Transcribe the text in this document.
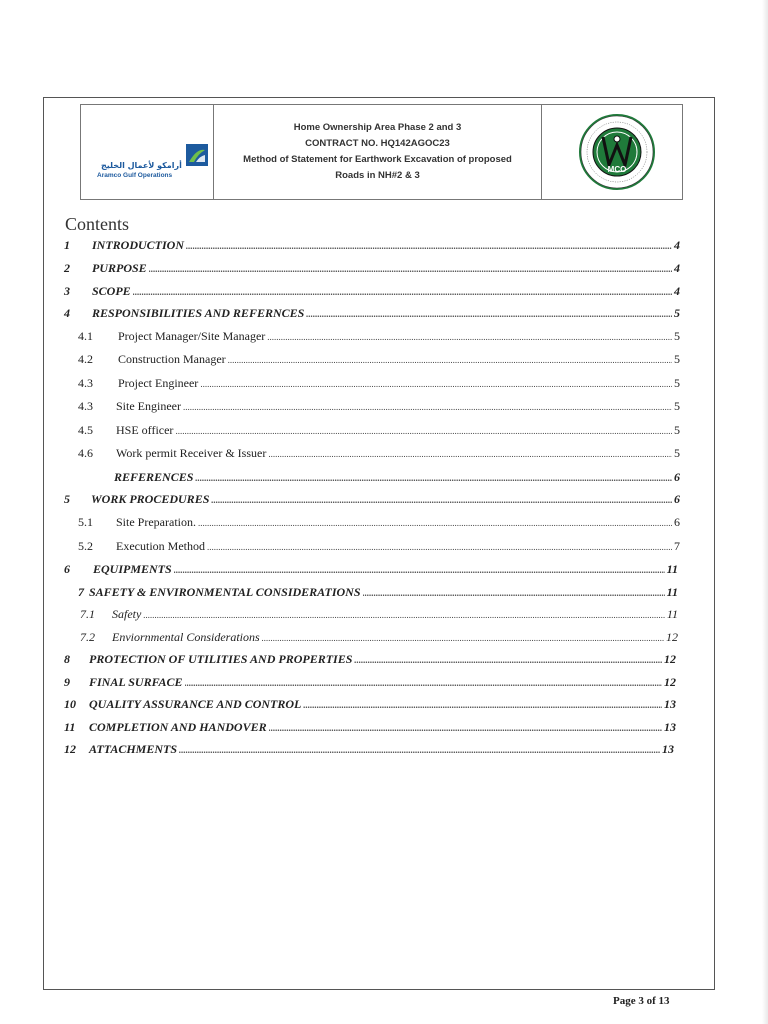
أرامكو لأعمال الخليج
Aramco Gulf Operations
Home Ownership Area Phase 2 and 3
CONTRACT NO. HQ142AGOC23
Method of Statement for Earthwork Excavation of proposed
Roads in NH#2 & 3
MCO
Contents
1	INTRODUCTION .....	4
2	PURPOSE .....	4
3	SCOPE .....	4
4	RESPONSIBILITIES AND REFERNCES .....	5
4.1	Project Manager/Site Manager .....	5
4.2	Construction Manager .....	5
4.3	Project Engineer .....	5
4.3	Site Engineer .....	5
4.5	HSE officer .....	5
4.6	Work permit Receiver & Issuer .....	5
REFERENCES .....	6
5	WORK PROCEDURES .....	6
5.1	Site Preparation. .....	6
5.2	Execution Method .....	7
6	EQUIPMENTS .....	11
7 SAFETY & ENVIRONMENTAL CONSIDERATIONS .....	11
7.1	Safety .....	11
7.2	Enviornmental Considerations .....	12
8	PROTECTION OF UTILITIES AND PROPERTIES .....	12
9	FINAL SURFACE .....	12
10	QUALITY ASSURANCE AND CONTROL .....	13
11	COMPLETION AND HANDOVER .....	13
12	ATTACHMENTS .....	13
Page 3 of 13
